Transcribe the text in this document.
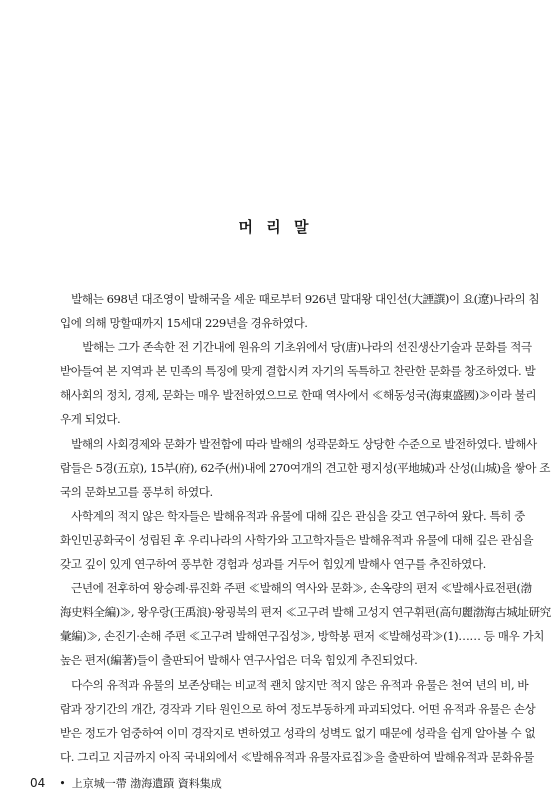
머 리 말

　발해는 698년 대조영이 발해국을 세운 때로부터 926년 말대왕 대인선(大諲譔)이 요(遼)나라의 침

입에 의해 망할때까지 15세대 229년을 경유하였다.

　　발해는 그가 존속한 전 기간내에 원유의 기초위에서 당(唐)나라의 선진생산기술과 문화를 적극

받아들여 본 지역과 본 민족의 특징에 맞게 결합시켜 자기의 독특하고 찬란한 문화를 창조하였다. 발

해사회의 정치, 경제, 문화는 매우 발전하였으므로 한때 역사에서 ≪해동성국(海東盛國)≫이라 불리

우게 되었다.

　발해의 사회경제와 문화가 발전함에 따라 발해의 성곽문화도 상당한 수준으로 발전하였다. 발해사

람들은 5경(五京), 15부(府), 62주(州)내에 270여개의 견고한 평지성(平地城)과 산성(山城)을 쌓아 조

국의 문화보고를 풍부히 하였다.

　사학계의 적지 않은 학자들은 발해유적과 유물에 대해 깊은 관심을 갖고 연구하여 왔다. 특히 중

화인민공화국이 성립된 후 우리나라의 사학가와 고고학자들은 발해유적과 유물에 대해 깊은 관심을

갖고 깊이 있게 연구하여 풍부한 경험과 성과를 거두어 힘있게 발해사 연구를 추진하였다.

　근년에 전후하여 왕승례·류진화 주편 ≪발해의 역사와 문화≫, 손옥량의 편저 ≪발해사료전편(渤

海史料全編)≫, 왕우랑(王禹浪)·왕굉북의 편저 ≪고구려 발해 고성지 연구휘편(高句麗渤海古城址研究

彙編)≫, 손진기·손해 주편 ≪고구려 발해연구집성≫, 방학봉 편저 ≪발해성곽≫(1)…… 등 매우 가치

높은 편저(編著)들이 출판되어 발해사 연구사업은 더욱 힘있게 추진되었다.

　다수의 유적과 유물의 보존상태는 비교적 괜치 않지만 적지 않은 유적과 유물은 천여 년의 비, 바

람과 장기간의 개간, 경작과 기타 원인으로 하여 정도부동하게 파괴되었다. 어떤 유적과 유물은 손상

받은 정도가 엄중하여 이미 경작지로 변하였고 성곽의 성벽도 없기 때문에 성곽을 쉽게 알아볼 수 없

다. 그리고 지금까지 아직 국내외에서 ≪발해유적과 유물자료집≫을 출판하여 발해유적과 문화유물

04 • 上京城一帶 渤海遺蹟 資料集成
